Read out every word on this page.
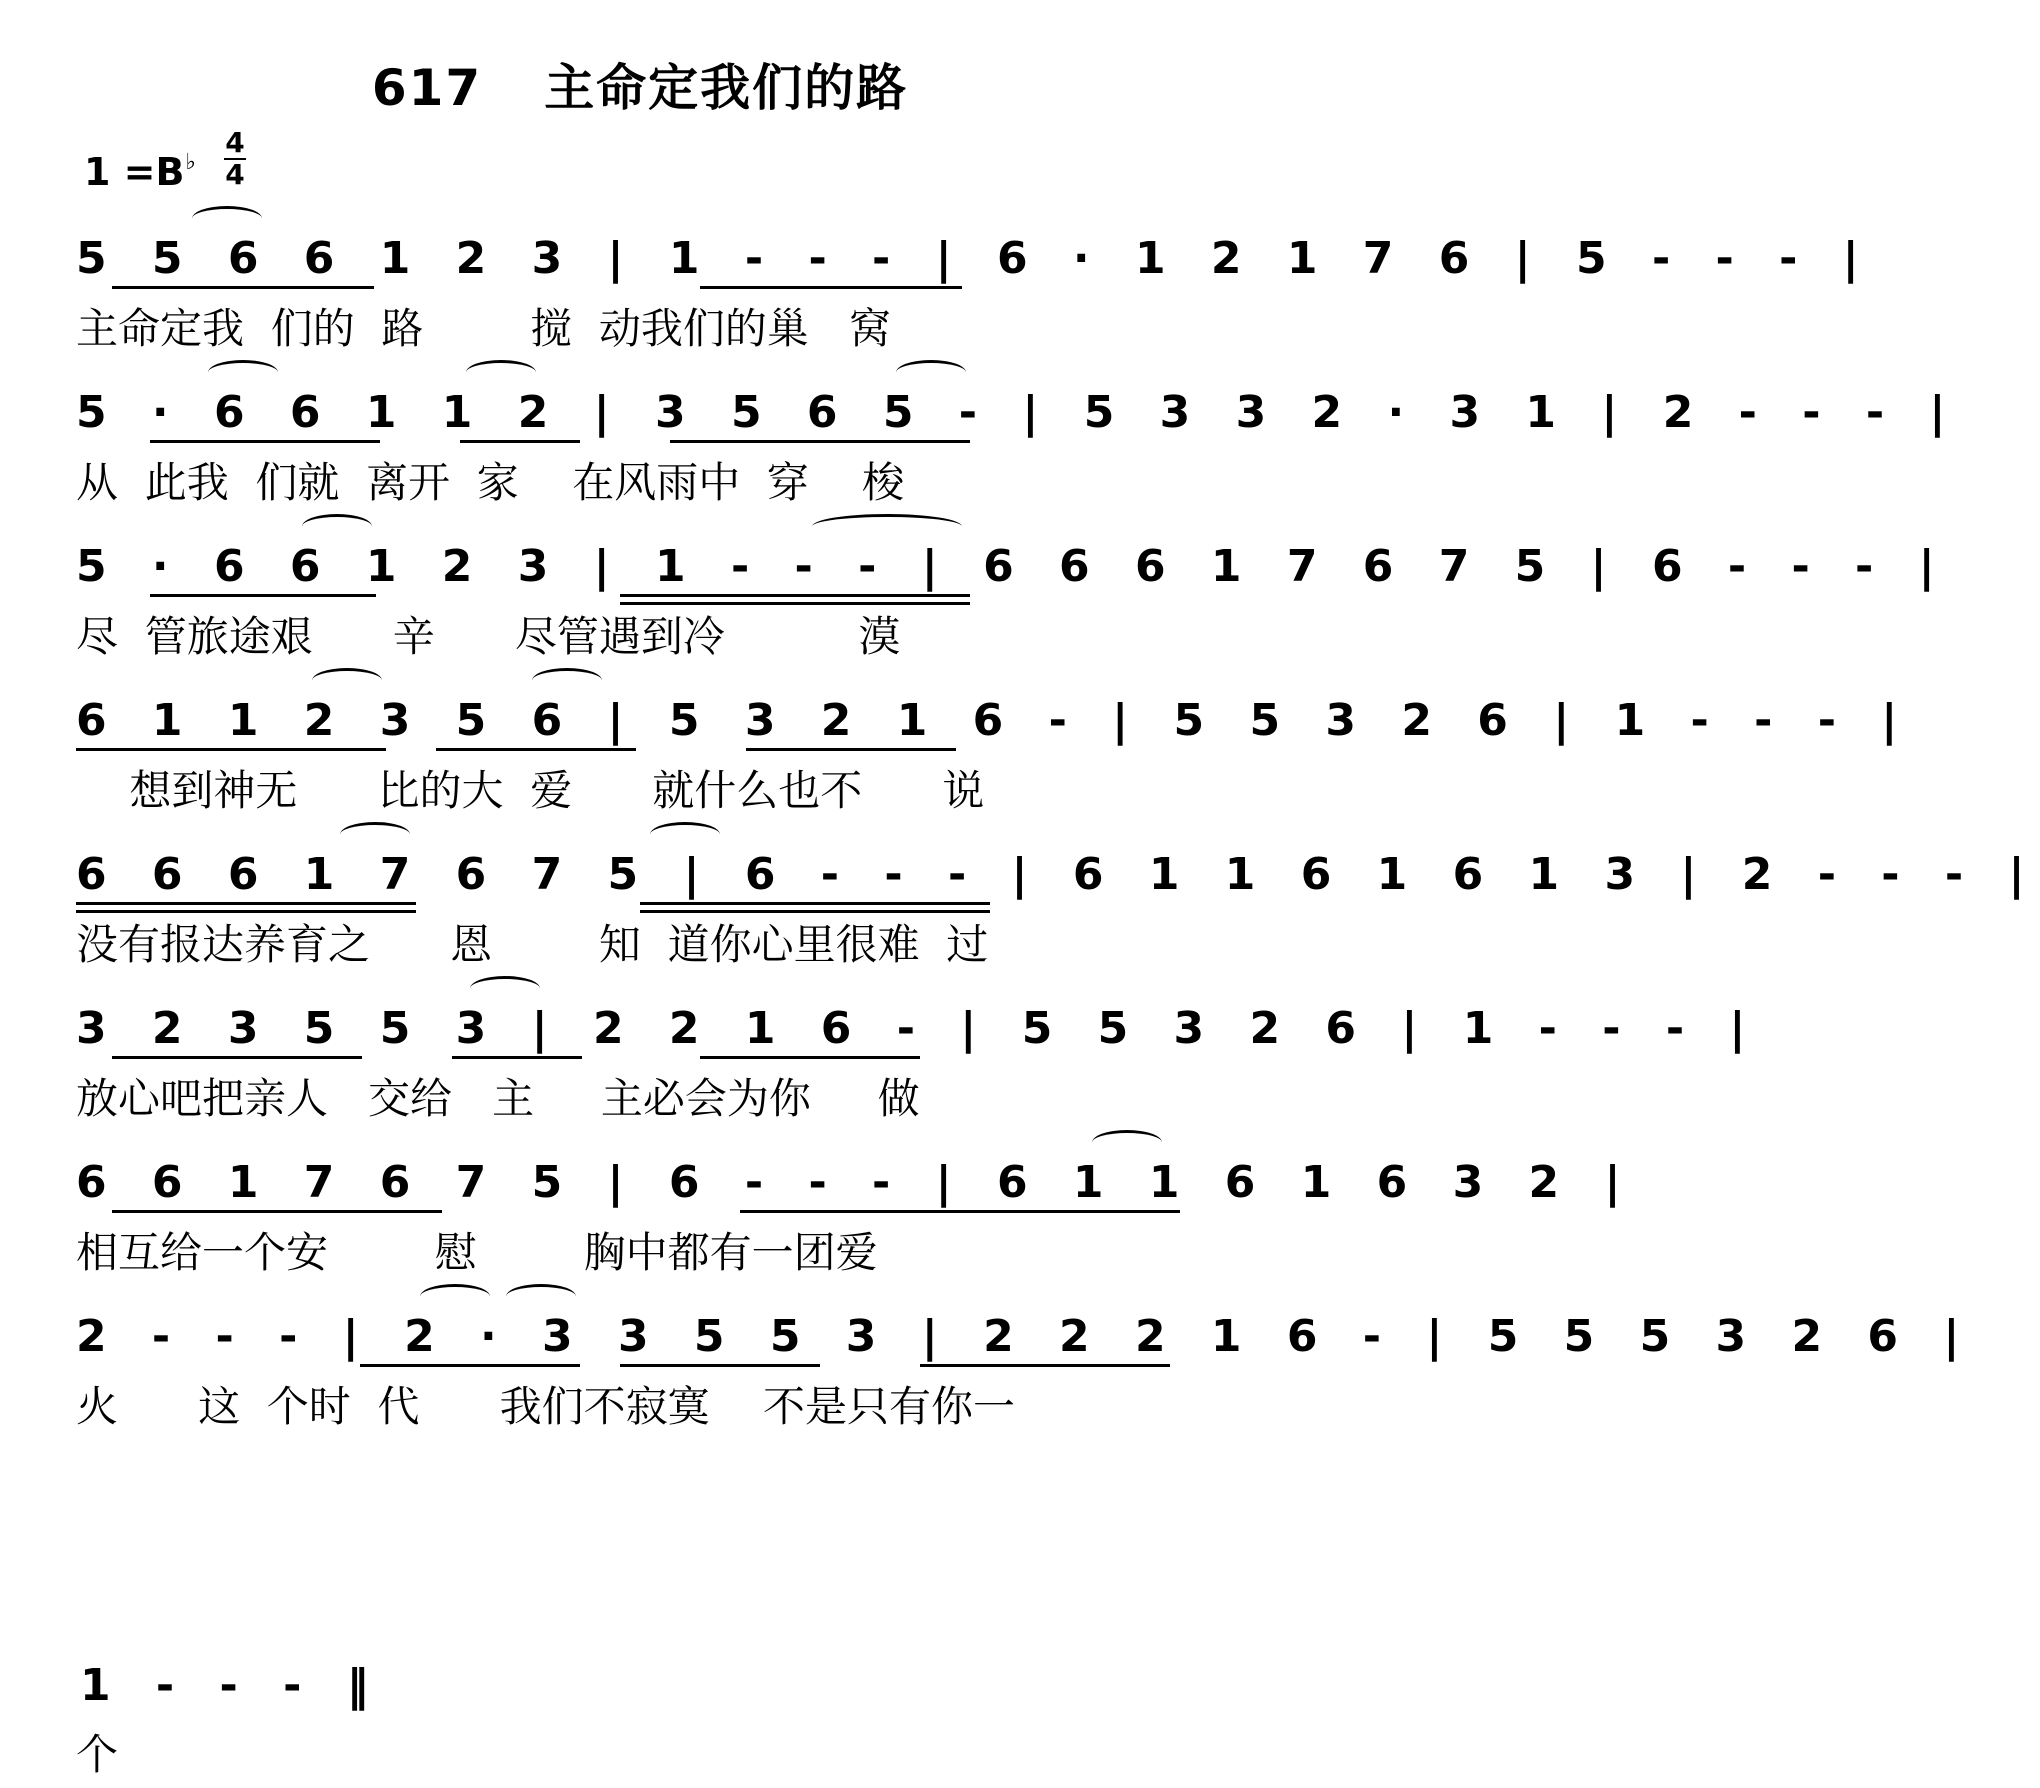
617 主命定我们的路
1 =B♭
4
4
5 5 6 6 1 2 3 | 1 - - - | 6 · 1 2 1 7 6 | 5 - - - |
主命定我  们的  路        搅  动我们的巢   窝
5 · 6 6 1 1 2 | 3 5 6 5 - | 5 3 3 2 · 3 1 | 2 - - - |
从  此我  们就  离开  家    在风雨中  穿    梭
5 · 6 6 1 2 3 | 1 - - - | 6 6 6 1 7 6 7 5 | 6 - - - |
尽  管旅途艰      辛      尽管遇到冷          漠
6 1 1 2 3 5 6 | 5 3 2 1 6 - | 5 5 3 2 6 | 1 - - - |
想到神无      比的大  爱      就什么也不      说
6 6 6 1 7 6 7 5 | 6 - - - | 6 1 1 6 1 6 1 3 | 2 - - - |
没有报达养育之      恩        知  道你心里很难  过
3 2 3 5 5 3 | 2 2 1 6 - | 5 5 3 2 6 | 1 - - - |
放心吧把亲人   交给   主     主必会为你     做
6 6 1 7 6 7 5 | 6 - - - | 6 1 1 6 1 6 3 2 |
相互给一个安        慰        胸中都有一团爱
2 - - - | 2 · 3 3 5 5 3 | 2 2 2 1 6 - | 5 5 5 3 2 6 |
火      这  个时  代      我们不寂寞    不是只有你一
1 - - - ‖
个
